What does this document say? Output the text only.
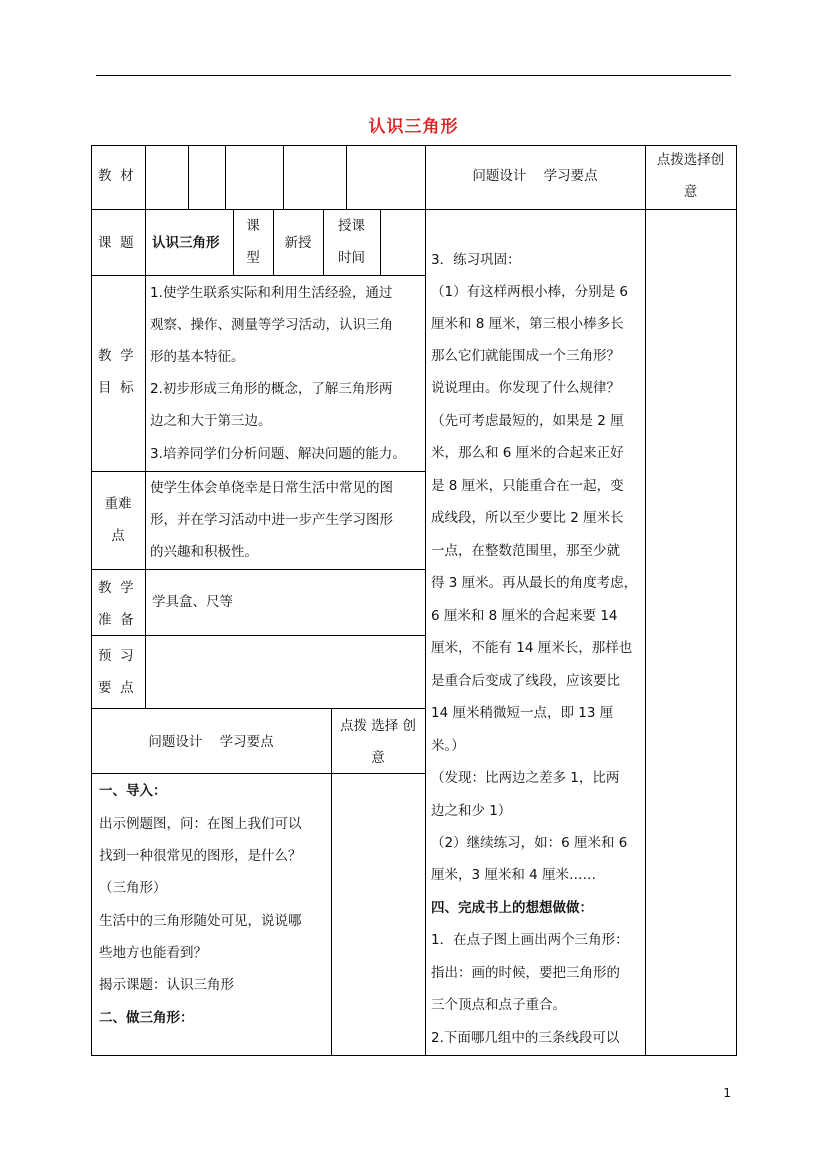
认识三角形
教  材	问题设计    学习要点
点拨选择创
意
课  题 认识三角形
课
型
新授
授课
时间
教  学
目  标
1.使学生联系实际和利用生活经验，通过
观察、操作、测量等学习活动，认识三角
形的基本特征。
2.初步形成三角形的概念，了解三角形两
边之和大于第三边。
3.培养同学们分析问题、解决问题的能力。
重难
点
使学生体会单侥幸是日常生活中常见的图
形，并在学习活动中进一步产生学习图形
的兴趣和积极性。
教  学
准  备
学具盒、尺等
预  习
要  点
问题设计    学习要点
点拨 选择 创
意
一、导入：
出示例题图，问：在图上我们可以
找到一种很常见的图形，是什么？
（三角形）
生活中的三角形随处可见，说说哪
些地方也能看到？
揭示课题：认识三角形
二、做三角形：
3．练习巩固：
（1）有这样两根小棒，分别是 6
厘米和 8 厘米，第三根小棒多长
那么它们就能围成一个三角形？
说说理由。你发现了什么规律？
（先可考虑最短的，如果是 2 厘
米，那么和 6 厘米的合起来正好
是 8 厘米，只能重合在一起，变
成线段，所以至少要比 2 厘米长
一点，在整数范围里，那至少就
得 3 厘米。再从最长的角度考虑，
6 厘米和 8 厘米的合起来要 14
厘米，不能有 14 厘米长，那样也
是重合后变成了线段，应该要比
14 厘米稍微短一点，即 13 厘
米。）
（发现：比两边之差多 1，比两
边之和少 1）
（2）继续练习，如：6 厘米和 6
厘米，3 厘米和 4 厘米……
四、完成书上的想想做做：
1．在点子图上画出两个三角形：
指出：画的时候，要把三角形的
三个顶点和点子重合。
2.下面哪几组中的三条线段可以
1
